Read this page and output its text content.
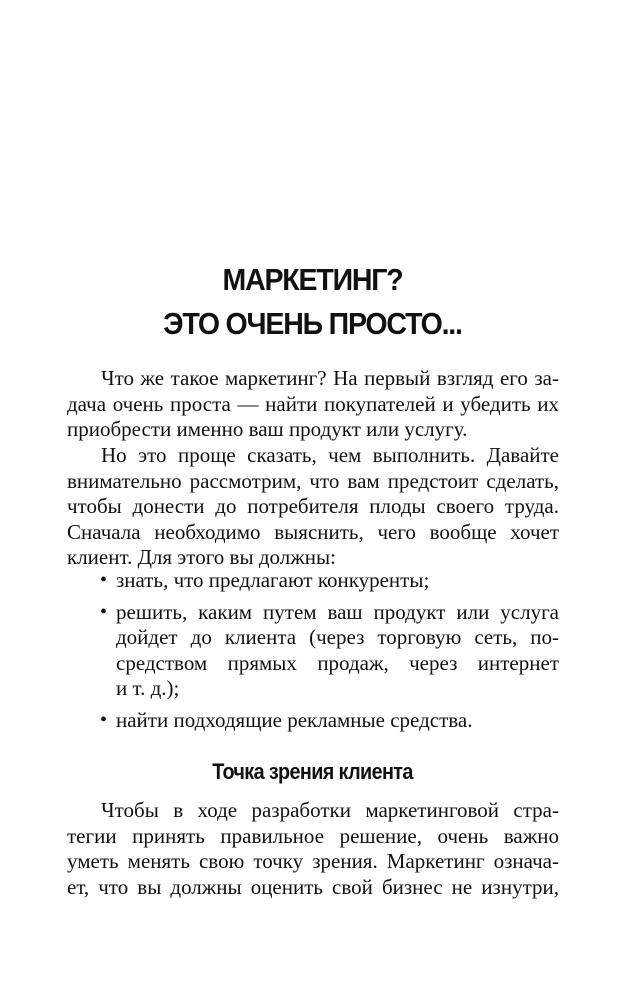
МАРКЕТИНГ?
ЭТО ОЧЕНЬ ПРОСТО...
Что же такое маркетинг? На первый взгляд его за-
дача очень проста — найти покупателей и убедить их
приобрести именно ваш продукт или услугу.
Но это проще сказать, чем выполнить. Давайте
внимательно рассмотрим, что вам предстоит сделать,
чтобы донести до потребителя плоды своего труда.
Сначала необходимо выяснить, чего вообще хочет
клиент. Для этого вы должны:
• знать, что предлагают конкуренты;
• решить, каким путем ваш продукт или услуга
дойдет до клиента (через торговую сеть, по-
средством прямых продаж, через интернет
и т. д.);
• найти подходящие рекламные средства.
Точка зрения клиента
Чтобы в ходе разработки маркетинговой стра-
тегии принять правильное решение, очень важно
уметь менять свою точку зрения. Маркетинг означа-
ет, что вы должны оценить свой бизнес не изнутри,
